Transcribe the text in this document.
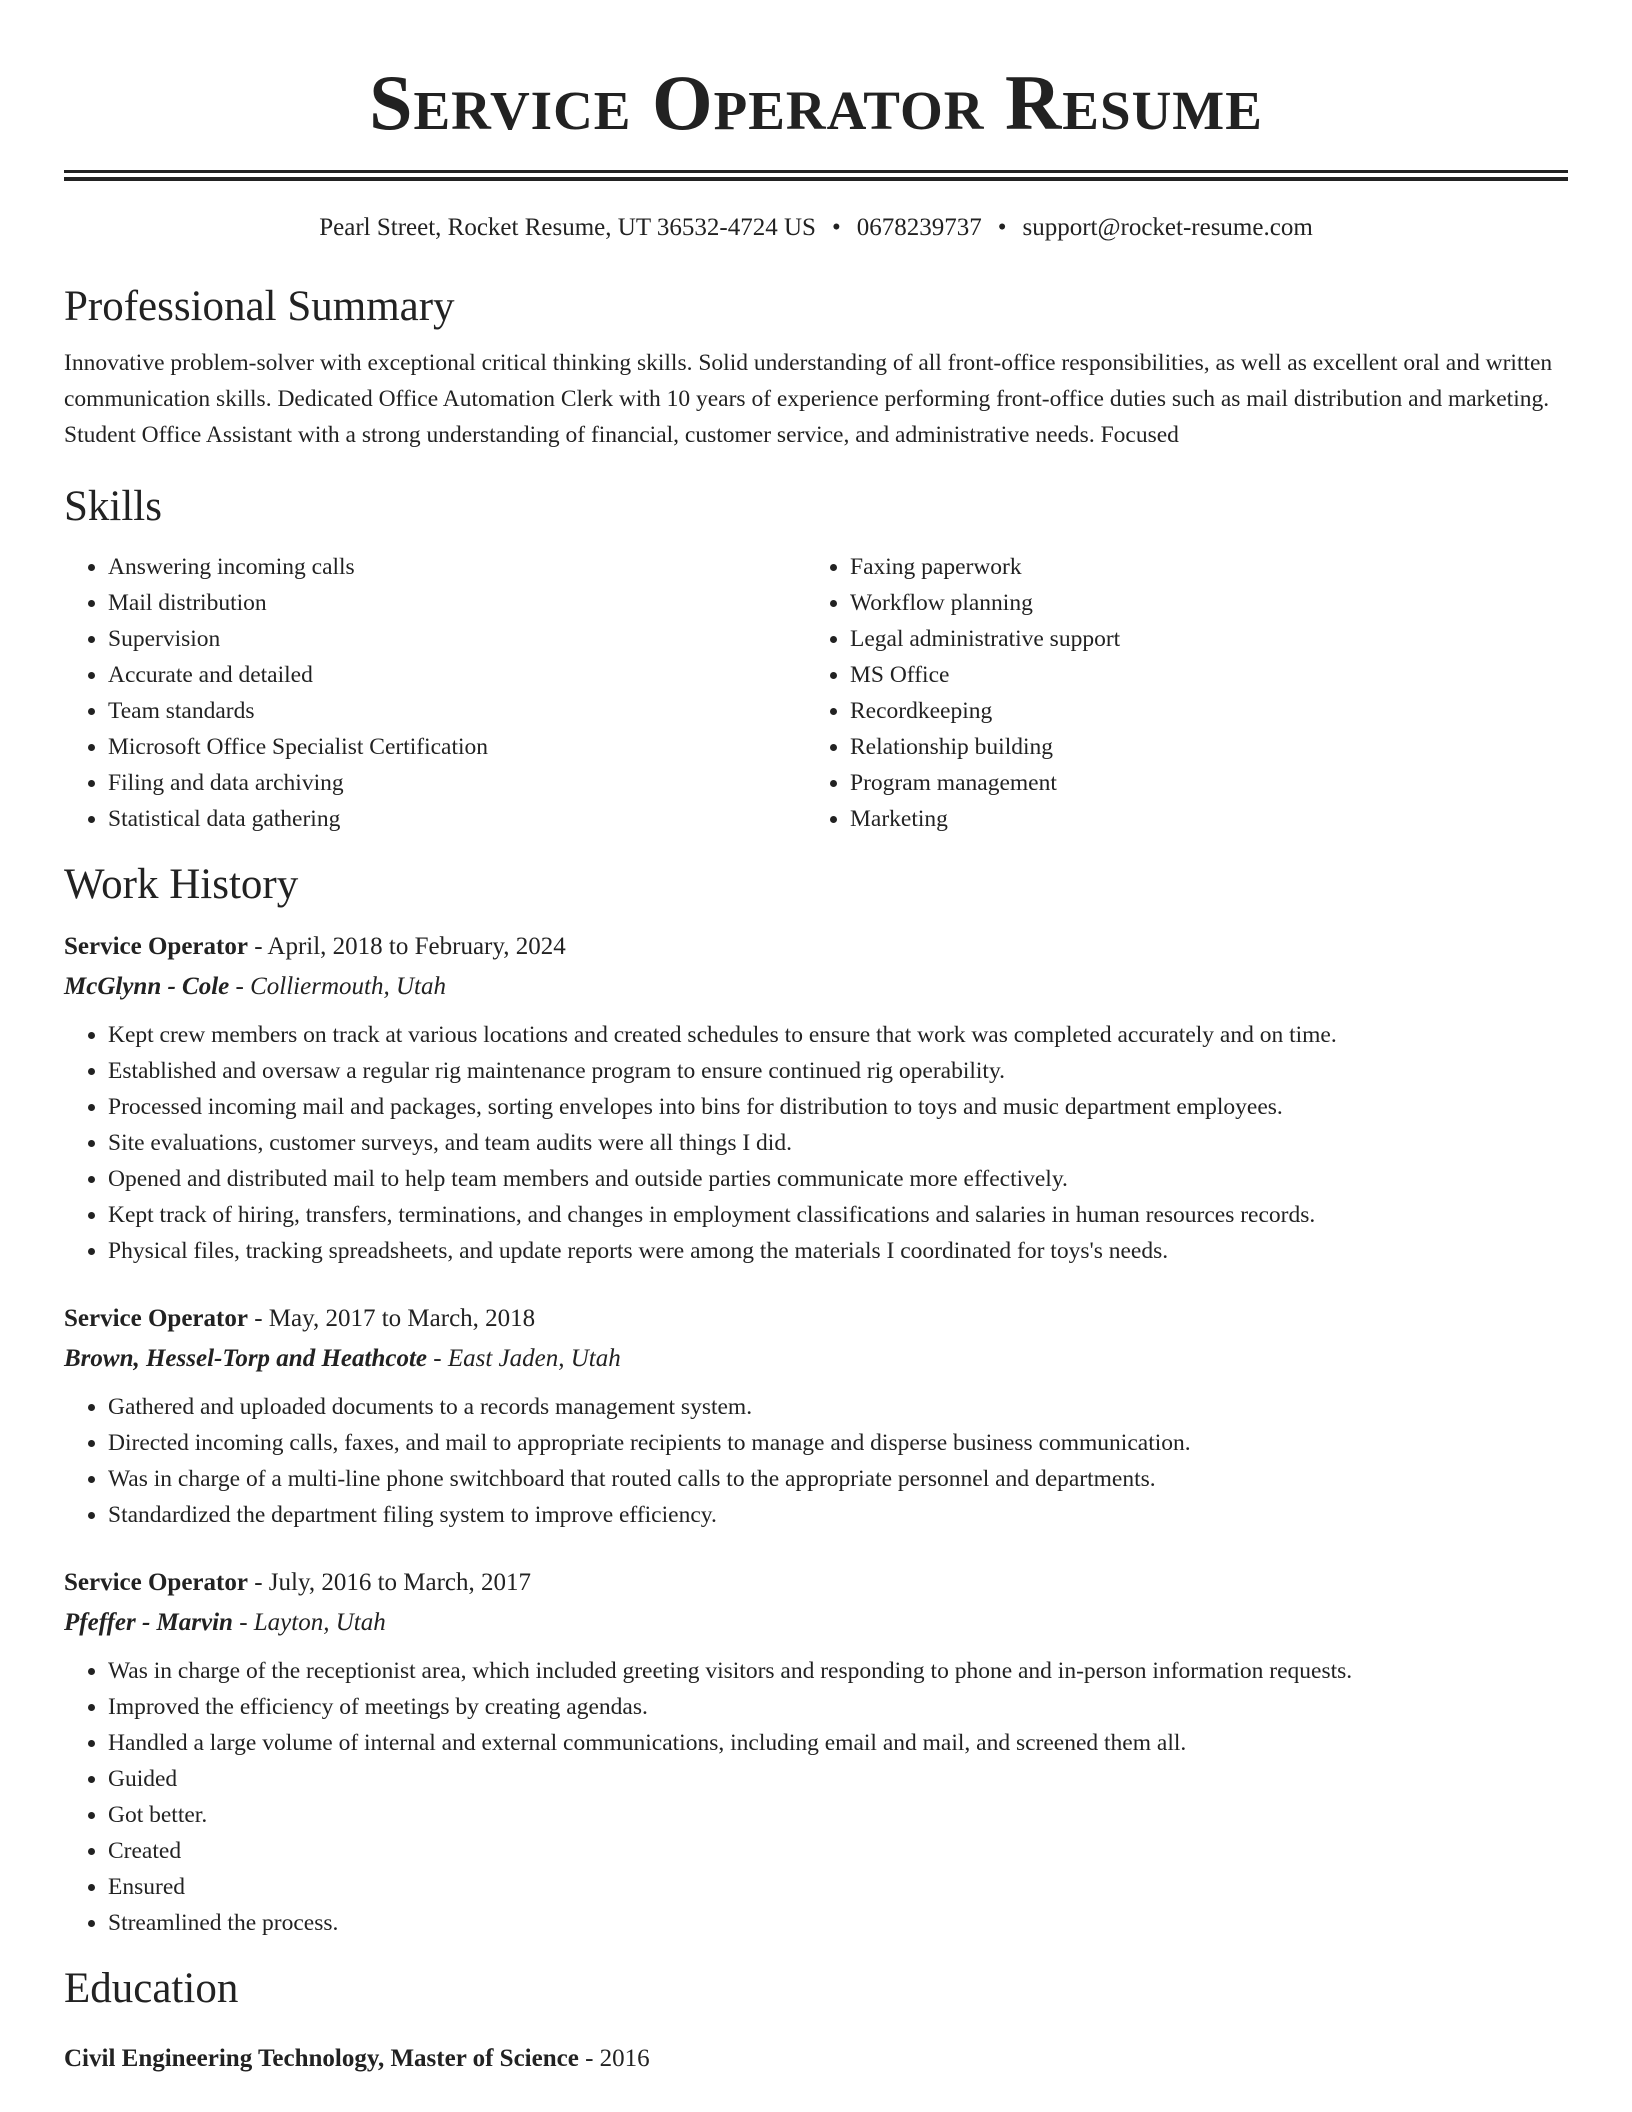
Service Operator Resume
Pearl Street, Rocket Resume, UT 36532-4724 US • 0678239737 • support@rocket-resume.com
Professional Summary

Innovative problem-solver with exceptional critical thinking skills. Solid understanding of all front-office responsibilities, as well as excellent oral and written communication skills. Dedicated Office Automation Clerk with 10 years of experience performing front-office duties such as mail distribution and marketing. Student Office Assistant with a strong understanding of financial, customer service, and administrative needs. Focused

Skills
• Answering incoming calls
• Mail distribution
• Supervision
• Accurate and detailed
• Team standards
• Microsoft Office Specialist Certification
• Filing and data archiving
• Statistical data gathering
• Faxing paperwork
• Workflow planning
• Legal administrative support
• MS Office
• Recordkeeping
• Relationship building
• Program management
• Marketing
Work History
Service Operator - April, 2018 to February, 2024
McGlynn - Cole - Colliermouth, Utah
• Kept crew members on track at various locations and created schedules to ensure that work was completed accurately and on time.
• Established and oversaw a regular rig maintenance program to ensure continued rig operability.
• Processed incoming mail and packages, sorting envelopes into bins for distribution to toys and music department employees.
• Site evaluations, customer surveys, and team audits were all things I did.
• Opened and distributed mail to help team members and outside parties communicate more effectively.
• Kept track of hiring, transfers, terminations, and changes in employment classifications and salaries in human resources records.
• Physical files, tracking spreadsheets, and update reports were among the materials I coordinated for toys's needs.
Service Operator - May, 2017 to March, 2018
Brown, Hessel-Torp and Heathcote - East Jaden, Utah
• Gathered and uploaded documents to a records management system.
• Directed incoming calls, faxes, and mail to appropriate recipients to manage and disperse business communication.
• Was in charge of a multi-line phone switchboard that routed calls to the appropriate personnel and departments.
• Standardized the department filing system to improve efficiency.
Service Operator - July, 2016 to March, 2017
Pfeffer - Marvin - Layton, Utah
• Was in charge of the receptionist area, which included greeting visitors and responding to phone and in-person information requests.
• Improved the efficiency of meetings by creating agendas.
• Handled a large volume of internal and external communications, including email and mail, and screened them all.
• Guided
• Got better.
• Created
• Ensured
• Streamlined the process.
Education
Civil Engineering Technology, Master of Science - 2016
